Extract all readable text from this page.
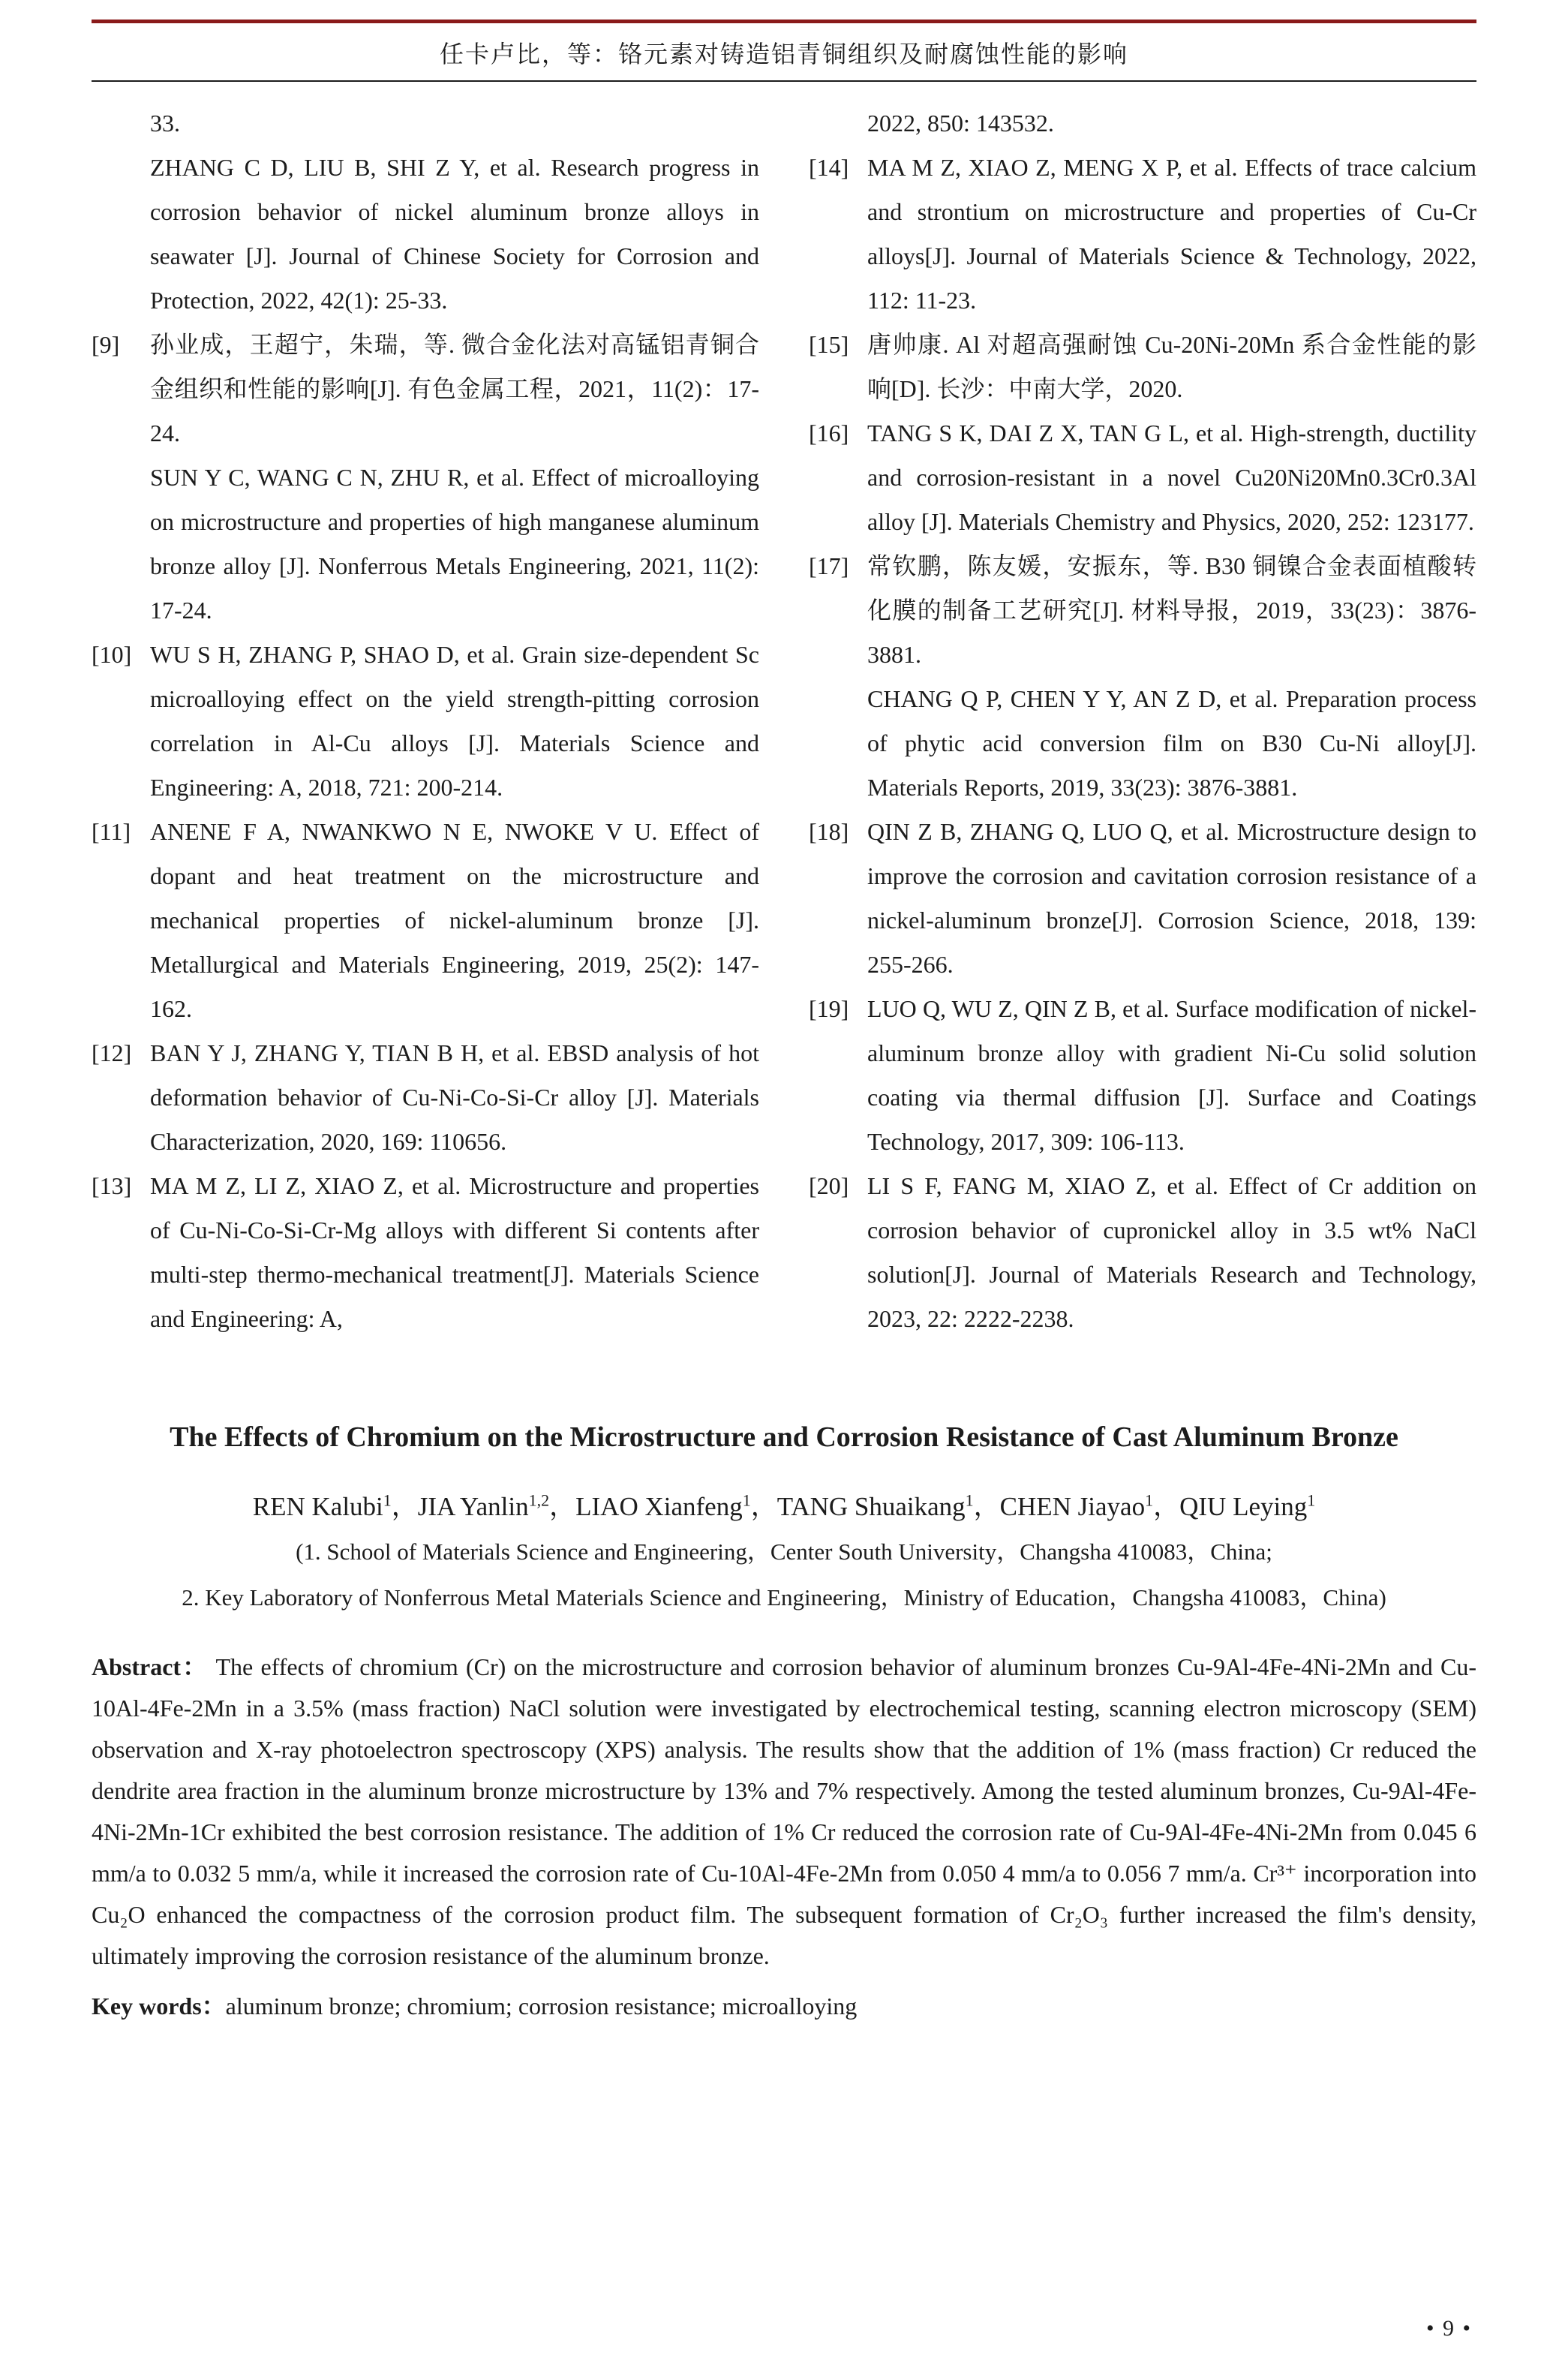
任卡卢比，等：铬元素对铸造铝青铜组织及耐腐蚀性能的影响

33.

ZHANG C D, LIU B, SHI Z Y, et al. Research progress in corrosion behavior of nickel aluminum bronze alloys in seawater [J]. Journal of Chinese Society for Corrosion and Protection, 2022, 42(1): 25-33.

[9] 孙业成，王超宁，朱瑞，等. 微合金化法对高锰铝青铜合金组织和性能的影响[J]. 有色金属工程，2021，11(2)：17-24.

SUN Y C, WANG C N, ZHU R, et al. Effect of microalloying on microstructure and properties of high manganese aluminum bronze alloy [J]. Nonferrous Metals Engineering, 2021, 11(2): 17-24.

[10] WU S H, ZHANG P, SHAO D, et al. Grain size-dependent Sc microalloying effect on the yield strength-pitting corrosion correlation in Al-Cu alloys [J]. Materials Science and Engineering: A, 2018, 721: 200-214.

[11] ANENE F A, NWANKWO N E, NWOKE V U. Effect of dopant and heat treatment on the microstructure and mechanical properties of nickel-aluminum bronze [J]. Metallurgical and Materials Engineering, 2019, 25(2): 147-162.

[12] BAN Y J, ZHANG Y, TIAN B H, et al. EBSD analysis of hot deformation behavior of Cu-Ni-Co-Si-Cr alloy [J]. Materials Characterization, 2020, 169: 110656.

[13] MA M Z, LI Z, XIAO Z, et al. Microstructure and properties of Cu-Ni-Co-Si-Cr-Mg alloys with different Si contents after multi-step thermo-mechanical treatment[J]. Materials Science and Engineering: A,

2022, 850: 143532.

[14] MA M Z, XIAO Z, MENG X P, et al. Effects of trace calcium and strontium on microstructure and properties of Cu-Cr alloys[J]. Journal of Materials Science & Technology, 2022, 112: 11-23.

[15] 唐帅康. Al 对超高强耐蚀 Cu-20Ni-20Mn 系合金性能的影响[D]. 长沙：中南大学，2020.

[16] TANG S K, DAI Z X, TAN G L, et al. High-strength, ductility and corrosion-resistant in a novel Cu20Ni20Mn0.3Cr0.3Al alloy [J]. Materials Chemistry and Physics, 2020, 252: 123177.

[17] 常钦鹏，陈友媛，安振东，等. B30 铜镍合金表面植酸转化膜的制备工艺研究[J]. 材料导报，2019，33(23)：3876-3881.

CHANG Q P, CHEN Y Y, AN Z D, et al. Preparation process of phytic acid conversion film on B30 Cu-Ni alloy[J]. Materials Reports, 2019, 33(23): 3876-3881.

[18] QIN Z B, ZHANG Q, LUO Q, et al. Microstructure design to improve the corrosion and cavitation corrosion resistance of a nickel-aluminum bronze[J]. Corrosion Science, 2018, 139: 255-266.

[19] LUO Q, WU Z, QIN Z B, et al. Surface modification of nickel-aluminum bronze alloy with gradient Ni-Cu solid solution coating via thermal diffusion [J]. Surface and Coatings Technology, 2017, 309: 106-113.

[20] LI S F, FANG M, XIAO Z, et al. Effect of Cr addition on corrosion behavior of cupronickel alloy in 3.5 wt% NaCl solution[J]. Journal of Materials Research and Technology, 2023, 22: 2222-2238.

The Effects of Chromium on the Microstructure and Corrosion Resistance of Cast Aluminum Bronze
REN Kalubi$^1$，JIA Yanlin$^{1,2}$，LIAO Xianfeng$^1$，TANG Shuaikang$^1$，CHEN Jiayao$^1$，QIU Leying$^1$
(1. School of Materials Science and Engineering，Center South University，Changsha 410083，China;
2. Key Laboratory of Nonferrous Metal Materials Science and Engineering，Ministry of Education，Changsha 410083，China)

Abstract： The effects of chromium (Cr) on the microstructure and corrosion behavior of aluminum bronzes Cu-9Al-4Fe-4Ni-2Mn and Cu-10Al-4Fe-2Mn in a 3.5% (mass fraction) NaCl solution were investigated by electrochemical testing, scanning electron microscopy (SEM) observation and X-ray photoelectron spectroscopy (XPS) analysis. The results show that the addition of 1% (mass fraction) Cr reduced the dendrite area fraction in the aluminum bronze microstructure by 13% and 7% respectively. Among the tested aluminum bronzes, Cu-9Al-4Fe-4Ni-2Mn-1Cr exhibited the best corrosion resistance. The addition of 1% Cr reduced the corrosion rate of Cu-9Al-4Fe-4Ni-2Mn from 0.045 6 mm/a to 0.032 5 mm/a, while it increased the corrosion rate of Cu-10Al-4Fe-2Mn from 0.050 4 mm/a to 0.056 7 mm/a. Cr³⁺ incorporation into Cu₂O enhanced the compactness of the corrosion product film. The subsequent formation of Cr₂O₃ further increased the film's density, ultimately improving the corrosion resistance of the aluminum bronze.

Key words：aluminum bronze; chromium; corrosion resistance; microalloying

• 9 •
